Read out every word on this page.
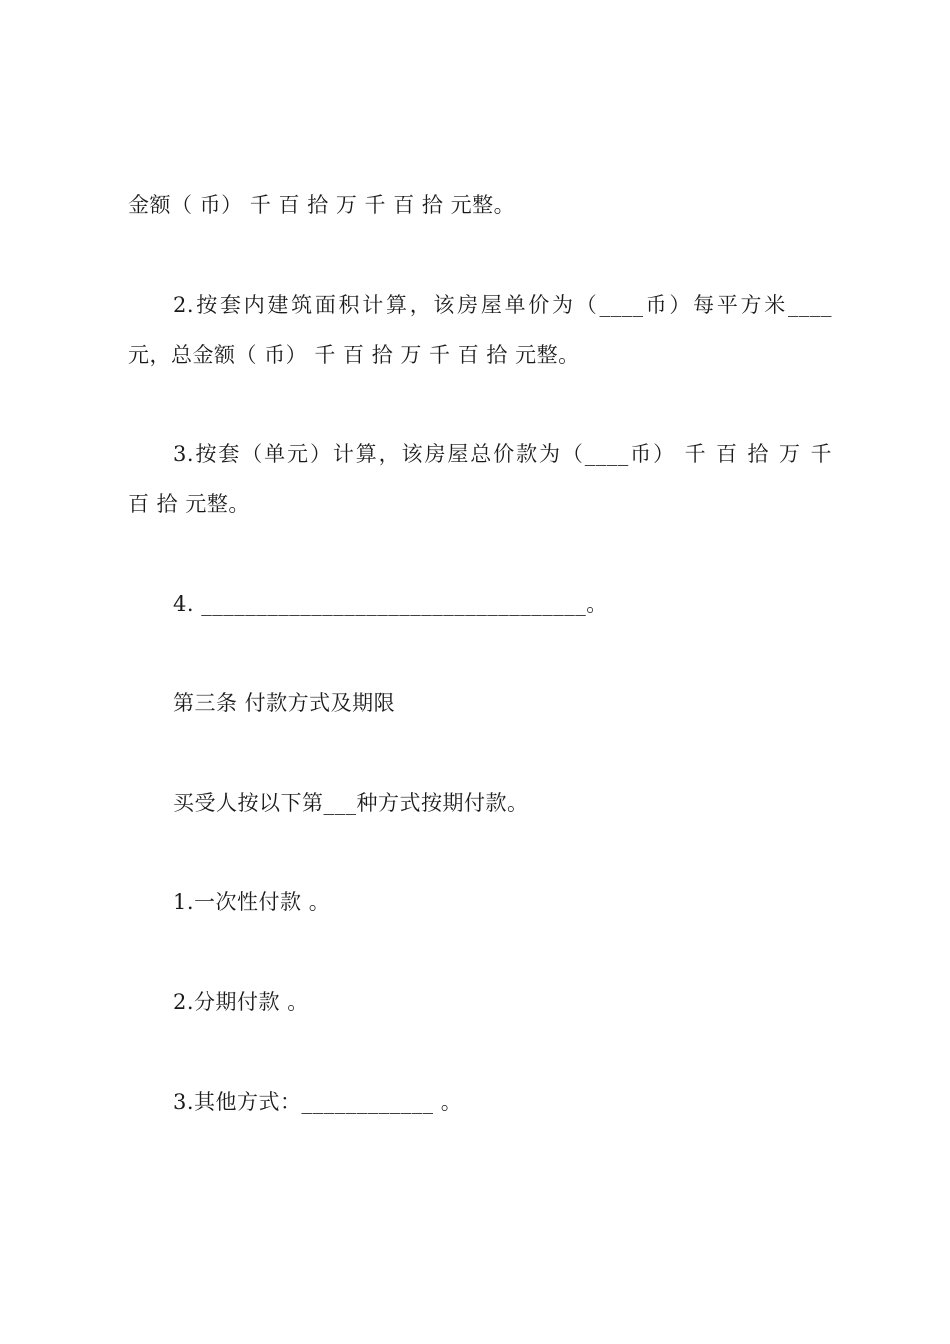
金额（ 币） 千 百 拾 万 千 百 拾 元整。
2.按套内建筑面积计算，该房屋单价为（____币）每平方米____
元，总金额（ 币） 千 百 拾 万 千 百 拾 元整。
3.按套（单元）计算，该房屋总价款为（____币） 千 百 拾 万 千
百 拾 元整。
4. ___________________________________。
第三条 付款方式及期限
买受人按以下第___种方式按期付款。
1.一次性付款 。
2.分期付款 。
3.其他方式：____________ 。
